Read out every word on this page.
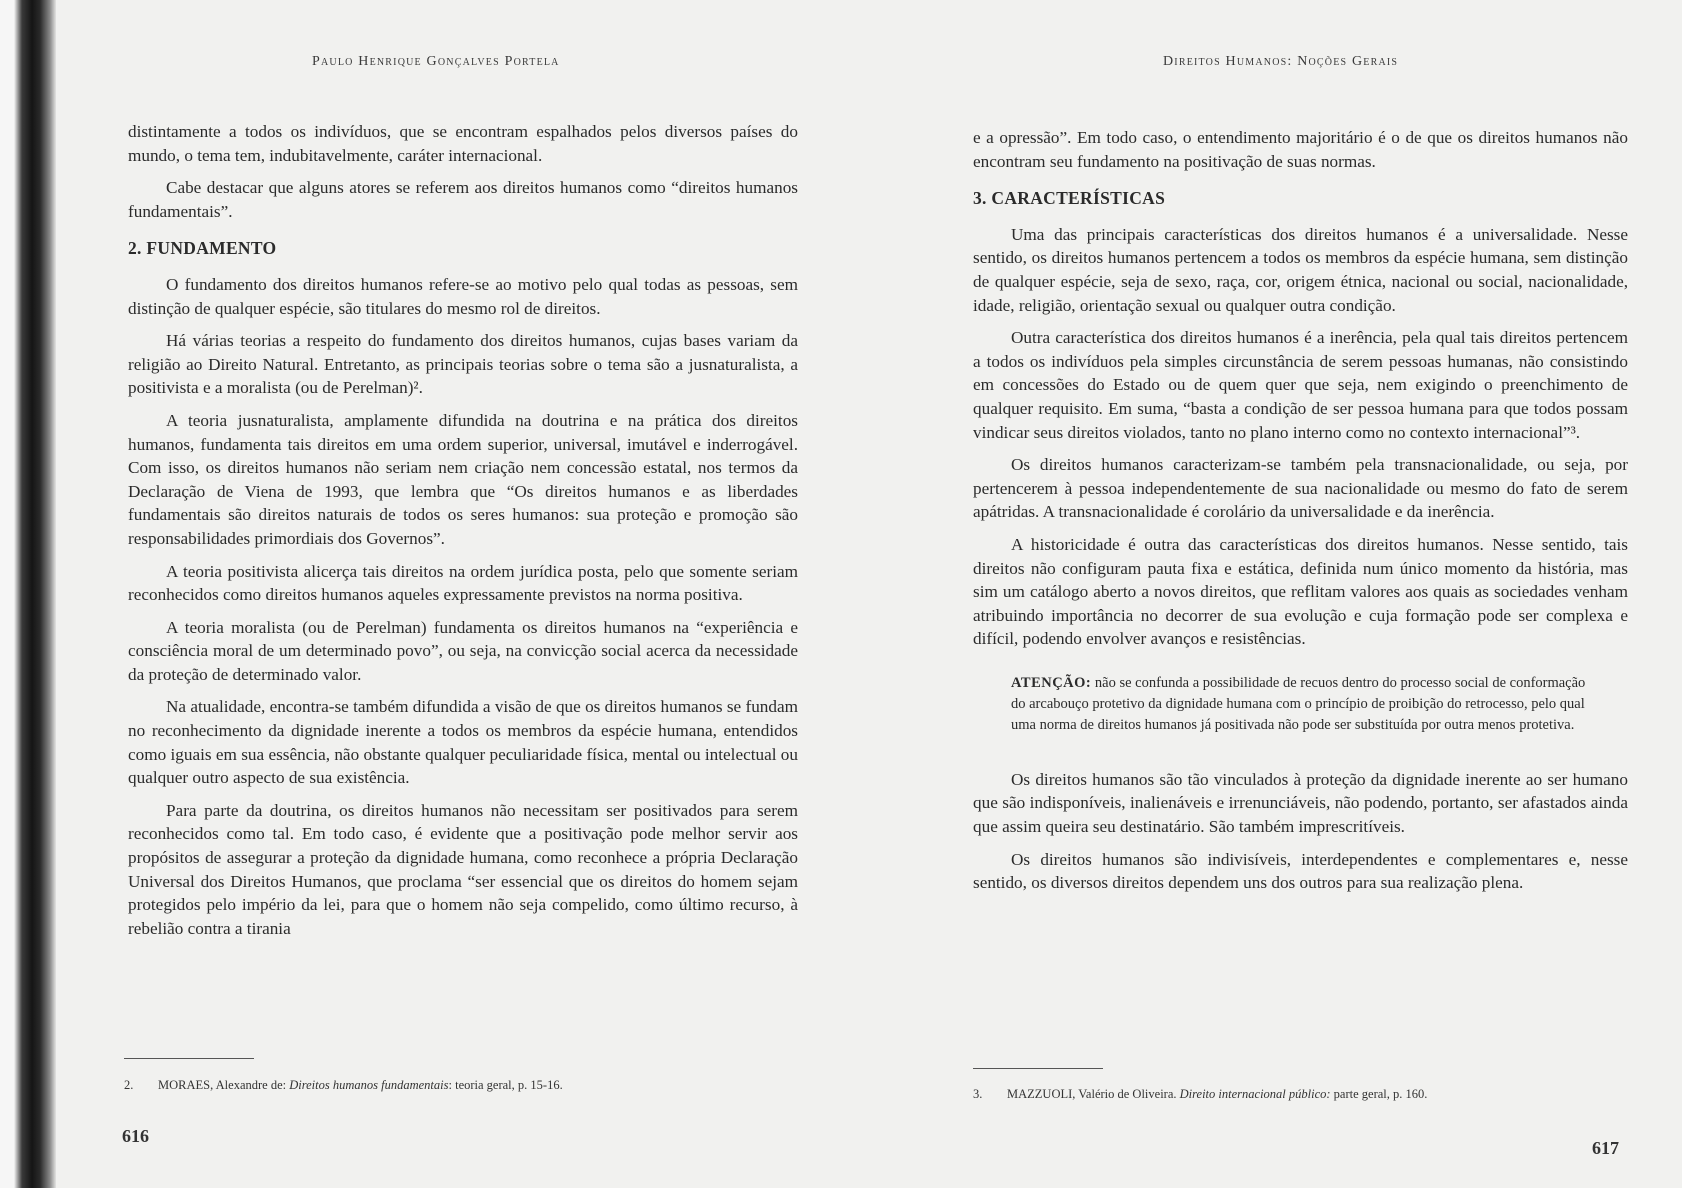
Paulo Henrique Gonçalves Portela

distintamente a todos os indivíduos, que se encontram espalhados pelos diversos países do mundo, o tema tem, indubitavelmente, caráter internacional.

Cabe destacar que alguns atores se referem aos direitos humanos como “direitos humanos fundamentais”.

2. FUNDAMENTO

O fundamento dos direitos humanos refere-se ao motivo pelo qual todas as pessoas, sem distinção de qualquer espécie, são titulares do mesmo rol de direitos.

Há várias teorias a respeito do fundamento dos direitos humanos, cujas bases variam da religião ao Direito Natural. Entretanto, as principais teorias sobre o tema são a jusnaturalista, a positivista e a moralista (ou de Perelman)².

A teoria jusnaturalista, amplamente difundida na doutrina e na prática dos direitos humanos, fundamenta tais direitos em uma ordem superior, universal, imutável e inderrogável. Com isso, os direitos humanos não seriam nem criação nem concessão estatal, nos termos da Declaração de Viena de 1993, que lembra que “Os direitos humanos e as liberdades fundamentais são direitos naturais de todos os seres humanos: sua proteção e promoção são responsabilidades primordiais dos Governos”.

A teoria positivista alicerça tais direitos na ordem jurídica posta, pelo que somente seriam reconhecidos como direitos humanos aqueles expressamente previstos na norma positiva.

A teoria moralista (ou de Perelman) fundamenta os direitos humanos na “experiência e consciência moral de um determinado povo”, ou seja, na convicção social acerca da necessidade da proteção de determinado valor.

Na atualidade, encontra-se também difundida a visão de que os direitos humanos se fundam no reconhecimento da dignidade inerente a todos os membros da espécie humana, entendidos como iguais em sua essência, não obstante qualquer peculiaridade física, mental ou intelectual ou qualquer outro aspecto de sua existência.

Para parte da doutrina, os direitos humanos não necessitam ser positivados para serem reconhecidos como tal. Em todo caso, é evidente que a positivação pode melhor servir aos propósitos de assegurar a proteção da dignidade humana, como reconhece a própria Declaração Universal dos Direitos Humanos, que proclama “ser essencial que os direitos do homem sejam protegidos pelo império da lei, para que o homem não seja compelido, como último recurso, à rebelião contra a tirania

2. MORAES, Alexandre de: Direitos humanos fundamentais: teoria geral, p. 15-16.
616
Direitos Humanos: Noções Gerais

e a opressão”. Em todo caso, o entendimento majoritário é o de que os direitos humanos não encontram seu fundamento na positivação de suas normas.

3. CARACTERÍSTICAS

Uma das principais características dos direitos humanos é a universalidade. Nesse sentido, os direitos humanos pertencem a todos os membros da espécie humana, sem distinção de qualquer espécie, seja de sexo, raça, cor, origem étnica, nacional ou social, nacionalidade, idade, religião, orientação sexual ou qualquer outra condição.

Outra característica dos direitos humanos é a inerência, pela qual tais direitos pertencem a todos os indivíduos pela simples circunstância de serem pessoas humanas, não consistindo em concessões do Estado ou de quem quer que seja, nem exigindo o preenchimento de qualquer requisito. Em suma, “basta a condição de ser pessoa humana para que todos possam vindicar seus direitos violados, tanto no plano interno como no contexto internacional”³.

Os direitos humanos caracterizam-se também pela transnacionalidade, ou seja, por pertencerem à pessoa independentemente de sua nacionalidade ou mesmo do fato de serem apátridas. A transnacionalidade é corolário da universalidade e da inerência.

A historicidade é outra das características dos direitos humanos. Nesse sentido, tais direitos não configuram pauta fixa e estática, definida num único momento da história, mas sim um catálogo aberto a novos direitos, que reflitam valores aos quais as sociedades venham atribuindo importância no decorrer de sua evolução e cuja formação pode ser complexa e difícil, podendo envolver avanços e resistências.

ATENÇÃO: não se confunda a possibilidade de recuos dentro do processo social de conformação do arcabouço protetivo da dignidade humana com o princípio de proibição do retrocesso, pelo qual uma norma de direitos humanos já positivada não pode ser substituída por outra menos protetiva.

Os direitos humanos são tão vinculados à proteção da dignidade inerente ao ser humano que são indisponíveis, inalienáveis e irrenunciáveis, não podendo, portanto, ser afastados ainda que assim queira seu destinatário. São também imprescritíveis.

Os direitos humanos são indivisíveis, interdependentes e complementares e, nesse sentido, os diversos direitos dependem uns dos outros para sua realização plena.

3. MAZZUOLI, Valério de Oliveira. Direito internacional público: parte geral, p. 160.
617
